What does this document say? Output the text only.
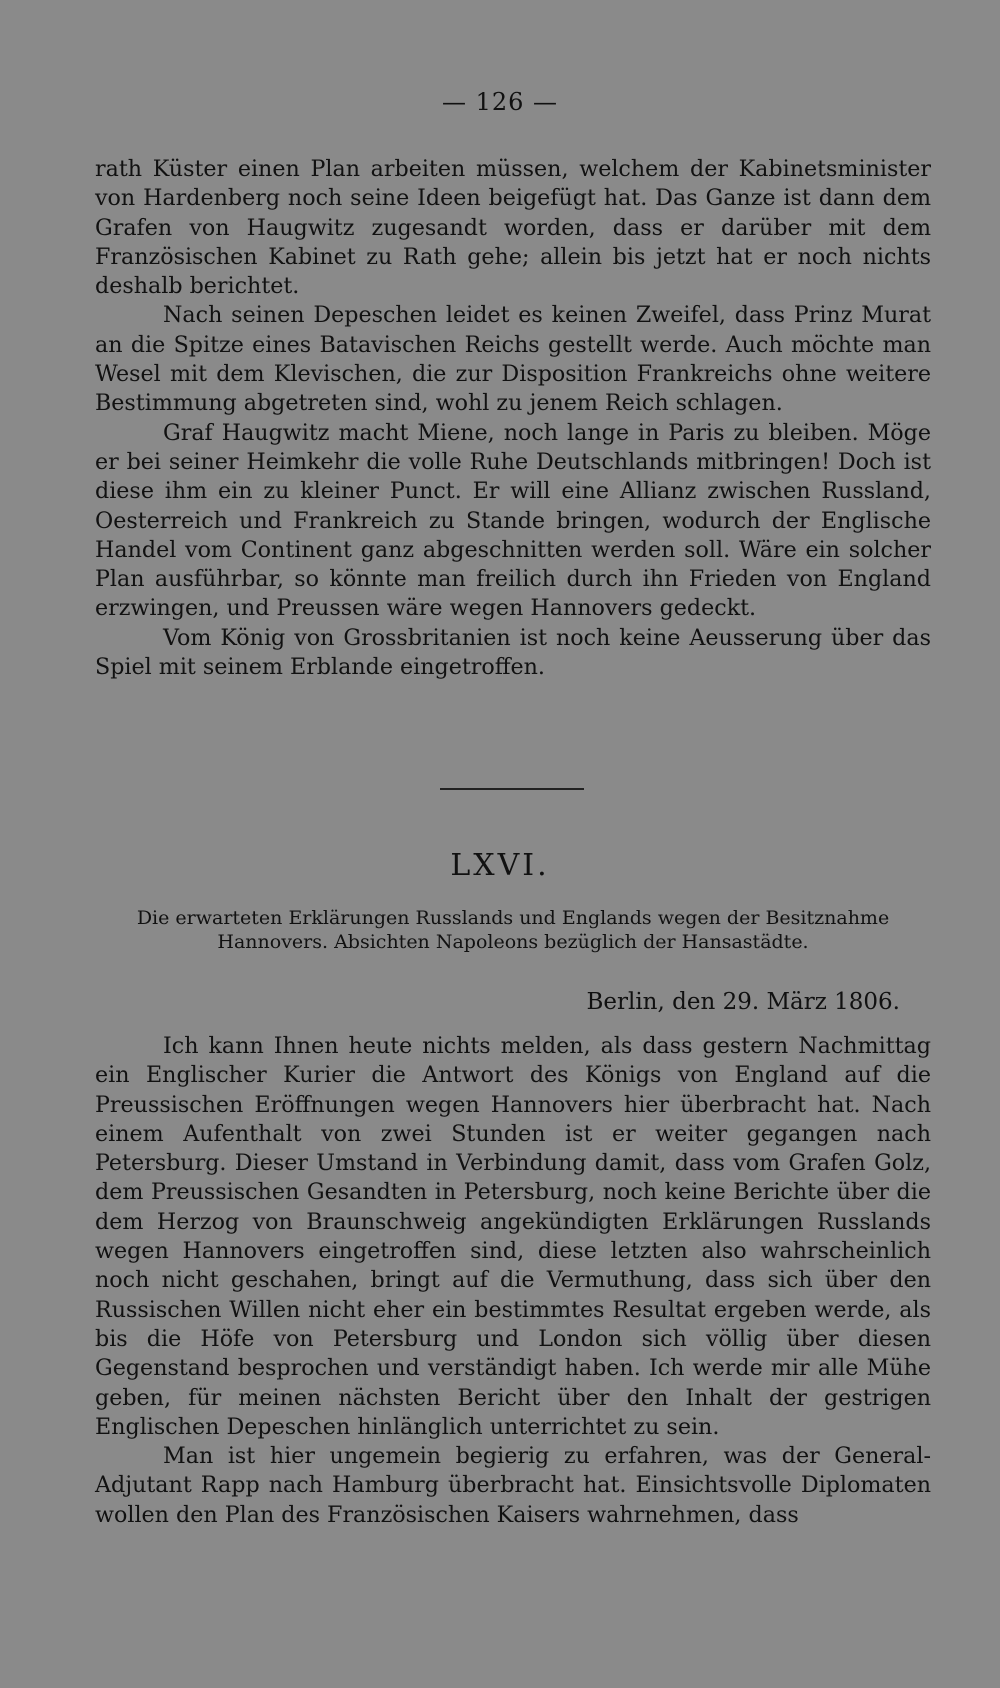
— 126 —

rath Küster einen Plan arbeiten müssen, welchem der Kabinetsminister von Hardenberg noch seine Ideen beigefügt hat. Das Ganze ist dann dem Grafen von Haugwitz zugesandt worden, dass er darüber mit dem Französischen Kabinet zu Rath gehe; allein bis jetzt hat er noch nichts deshalb berichtet.

Nach seinen Depeschen leidet es keinen Zweifel, dass Prinz Murat an die Spitze eines Batavischen Reichs gestellt werde. Auch möchte man Wesel mit dem Klevischen, die zur Disposition Frankreichs ohne weitere Bestimmung abgetreten sind, wohl zu jenem Reich schlagen.

Graf Haugwitz macht Miene, noch lange in Paris zu bleiben. Möge er bei seiner Heimkehr die volle Ruhe Deutschlands mitbringen! Doch ist diese ihm ein zu kleiner Punct. Er will eine Allianz zwischen Russland, Oesterreich und Frankreich zu Stande bringen, wodurch der Englische Handel vom Continent ganz abgeschnitten werden soll. Wäre ein solcher Plan ausführbar, so könnte man freilich durch ihn Frieden von England erzwingen, und Preussen wäre wegen Hannovers gedeckt.

Vom König von Grossbritanien ist noch keine Aeusserung über das Spiel mit seinem Erblande eingetroffen.

LXVI.
Die erwarteten Erklärungen Russlands und Englands wegen der Besitznahme Hannovers. Absichten Napoleons bezüglich der Hansastädte.
Berlin, den 29. März 1806.

Ich kann Ihnen heute nichts melden, als dass gestern Nachmittag ein Englischer Kurier die Antwort des Königs von England auf die Preussischen Eröffnungen wegen Hannovers hier überbracht hat. Nach einem Aufenthalt von zwei Stunden ist er weiter gegangen nach Petersburg. Dieser Umstand in Verbindung damit, dass vom Grafen Golz, dem Preussischen Gesandten in Petersburg, noch keine Berichte über die dem Herzog von Braunschweig angekündigten Erklärungen Russlands wegen Hannovers eingetroffen sind, diese letzten also wahrscheinlich noch nicht geschahen, bringt auf die Vermuthung, dass sich über den Russischen Willen nicht eher ein bestimmtes Resultat ergeben werde, als bis die Höfe von Petersburg und London sich völlig über diesen Gegenstand besprochen und verständigt haben. Ich werde mir alle Mühe geben, für meinen nächsten Bericht über den Inhalt der gestrigen Englischen Depeschen hinlänglich unterrichtet zu sein.

Man ist hier ungemein begierig zu erfahren, was der General-Adjutant Rapp nach Hamburg überbracht hat. Einsichtsvolle Diplomaten wollen den Plan des Französischen Kaisers wahrnehmen, dass
